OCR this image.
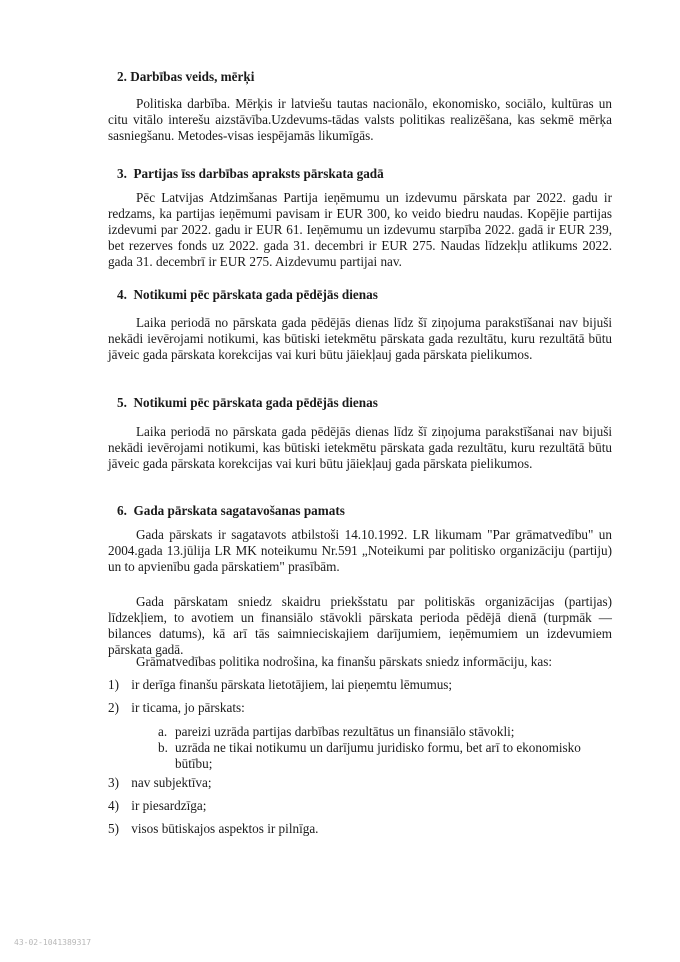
2. Darbības veids, mērķi

Politiska darbība. Mērķis ir latviešu tautas nacionālo, ekonomisko, sociālo, kultūras un citu vitālo interešu aizstāvība.Uzdevums-tādas valsts politikas realizēšana, kas sekmē mērķa sasniegšanu. Metodes-visas iespējamās likumīgās.

3. Partijas īss darbības apraksts pārskata gadā

Pēc Latvijas Atdzimšanas Partija ieņēmumu un izdevumu pārskata par 2022. gadu ir redzams, ka partijas ieņēmumi pavisam ir EUR 300, ko veido biedru naudas. Kopējie partijas izdevumi par 2022. gadu ir EUR 61. Ieņēmumu un izdevumu starpība 2022. gadā ir EUR 239, bet rezerves fonds uz 2022. gada 31. decembri ir EUR 275. Naudas līdzekļu atlikums 2022. gada 31. decembrī ir EUR 275. Aizdevumu partijai nav.

4. Notikumi pēc pārskata gada pēdējās dienas

Laika periodā no pārskata gada pēdējās dienas līdz šī ziņojuma parakstīšanai nav bijuši nekādi ievērojami notikumi, kas būtiski ietekmētu pārskata gada rezultātu, kuru rezultātā būtu jāveic gada pārskata korekcijas vai kuri būtu jāiekļauj gada pārskata pielikumos.

5. Notikumi pēc pārskata gada pēdējās dienas

Laika periodā no pārskata gada pēdējās dienas līdz šī ziņojuma parakstīšanai nav bijuši nekādi ievērojami notikumi, kas būtiski ietekmētu pārskata gada rezultātu, kuru rezultātā būtu jāveic gada pārskata korekcijas vai kuri būtu jāiekļauj gada pārskata pielikumos.

6. Gada pārskata sagatavošanas pamats

Gada pārskats ir sagatavots atbilstoši 14.10.1992. LR likumam "Par grāmatvedību" un 2004.gada 13.jūlija LR MK noteikumu Nr.591 „Noteikumi par politisko organizāciju (partiju) un to apvienību gada pārskatiem" prasībām.

Gada pārskatam sniedz skaidru priekšstatu par politiskās organizācijas (partijas) līdzekļiem, to avotiem un finansiālo stāvokli pārskata perioda pēdējā dienā (turpmāk — bilances datums), kā arī tās saimnieciskajiem darījumiem, ieņēmumiem un izdevumiem pārskata gadā.

Grāmatvedības politika nodrošina, ka finanšu pārskats sniedz informāciju, kas:

1) ir derīga finanšu pārskata lietotājiem, lai pieņemtu lēmumus;
2) ir ticama, jo pārskats:
a. pareizi uzrāda partijas darbības rezultātus un finansiālo stāvokli;
b. uzrāda ne tikai notikumu un darījumu juridisko formu, bet arī to ekonomisko būtību;
3) nav subjektīva;
4) ir piesardzīga;
5) visos būtiskajos aspektos ir pilnīga.
43-02-1041389317
